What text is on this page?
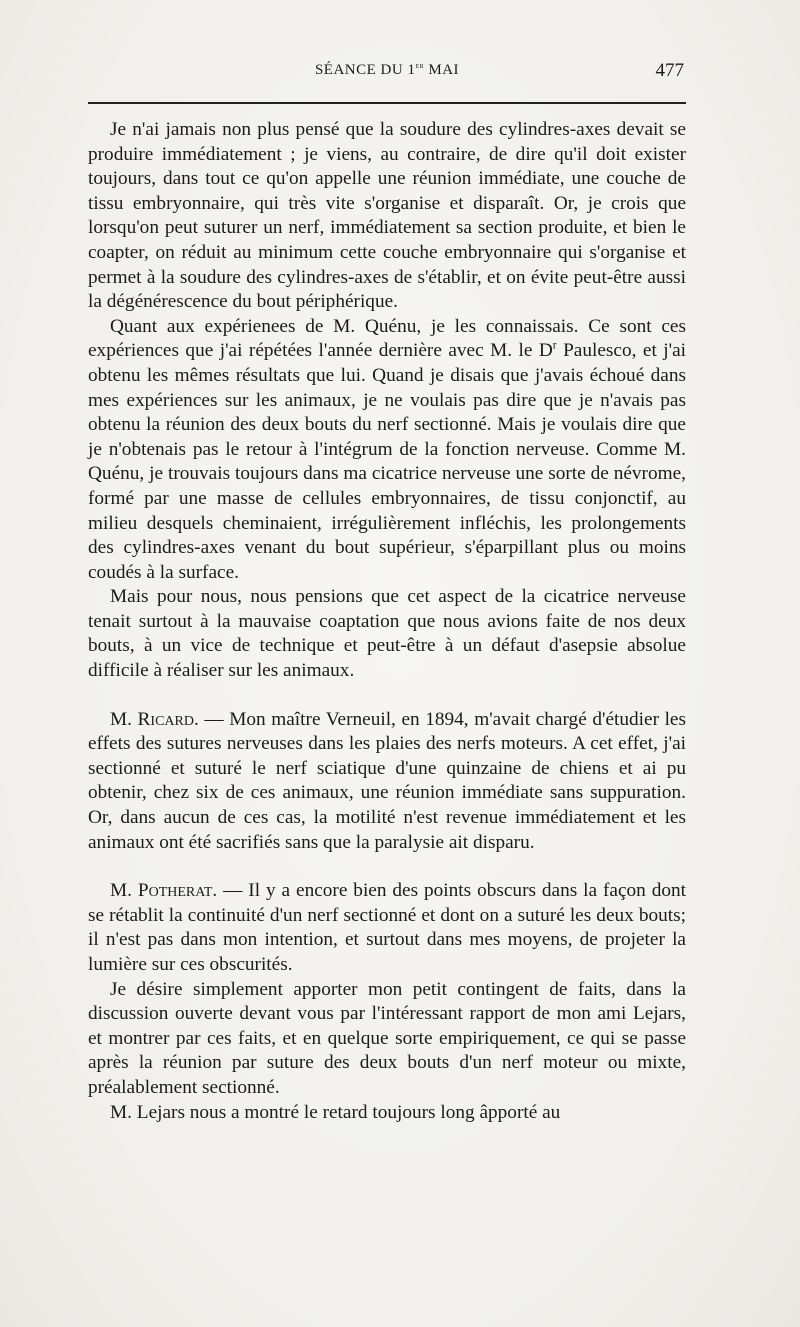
SÉANCE DU 1er MAI	477

Je n'ai jamais non plus pensé que la soudure des cylindres-axes devait se produire immédiatement ; je viens, au contraire, de dire qu'il doit exister toujours, dans tout ce qu'on appelle une réunion immédiate, une couche de tissu embryonnaire, qui très vite s'organise et disparaît. Or, je crois que lorsqu'on peut suturer un nerf, immédiatement sa section produite, et bien le coapter, on réduit au minimum cette couche embryonnaire qui s'organise et permet à la soudure des cylindres-axes de s'établir, et on évite peut-être aussi la dégénérescence du bout périphérique.

Quant aux expérienees de M. Quénu, je les connaissais. Ce sont ces expériences que j'ai répétées l'année dernière avec M. le $D^r$ Paulesco, et j'ai obtenu les mêmes résultats que lui. Quand je disais que j'avais échoué dans mes expériences sur les animaux, je ne voulais pas dire que je n'avais pas obtenu la réunion des deux bouts du nerf sectionné. Mais je voulais dire que je n'obtenais pas le retour à l'intégrum de la fonction nerveuse. Comme M. Quénu, je trouvais toujours dans ma cicatrice nerveuse une sorte de névrome, formé par une masse de cellules embryonnaires, de tissu conjonctif, au milieu desquels cheminaient, irrégulièrement infléchis, les prolongements des cylindres-axes venant du bout supérieur, s'éparpillant plus ou moins coudés à la surface.

Mais pour nous, nous pensions que cet aspect de la cicatrice nerveuse tenait surtout à la mauvaise coaptation que nous avions faite de nos deux bouts, à un vice de technique et peut-être à un défaut d'asepsie absolue difficile à réaliser sur les animaux.

M. Ricard. — Mon maître Verneuil, en 1894, m'avait chargé d'étudier les effets des sutures nerveuses dans les plaies des nerfs moteurs. A cet effet, j'ai sectionné et suturé le nerf sciatique d'une quinzaine de chiens et ai pu obtenir, chez six de ces animaux, une réunion immédiate sans suppuration. Or, dans aucun de ces cas, la motilité n'est revenue immédiatement et les animaux ont été sacrifiés sans que la paralysie ait disparu.

M. Potherat. — Il y a encore bien des points obscurs dans la façon dont se rétablit la continuité d'un nerf sectionné et dont on a suturé les deux bouts; il n'est pas dans mon intention, et surtout dans mes moyens, de projeter la lumière sur ces obscurités.

Je désire simplement apporter mon petit contingent de faits, dans la discussion ouverte devant vous par l'intéressant rapport de mon ami Lejars, et montrer par ces faits, et en quelque sorte empiriquement, ce qui se passe après la réunion par suture des deux bouts d'un nerf moteur ou mixte, préalablement sectionné.

M. Lejars nous a montré le retard toujours long âpporté au
